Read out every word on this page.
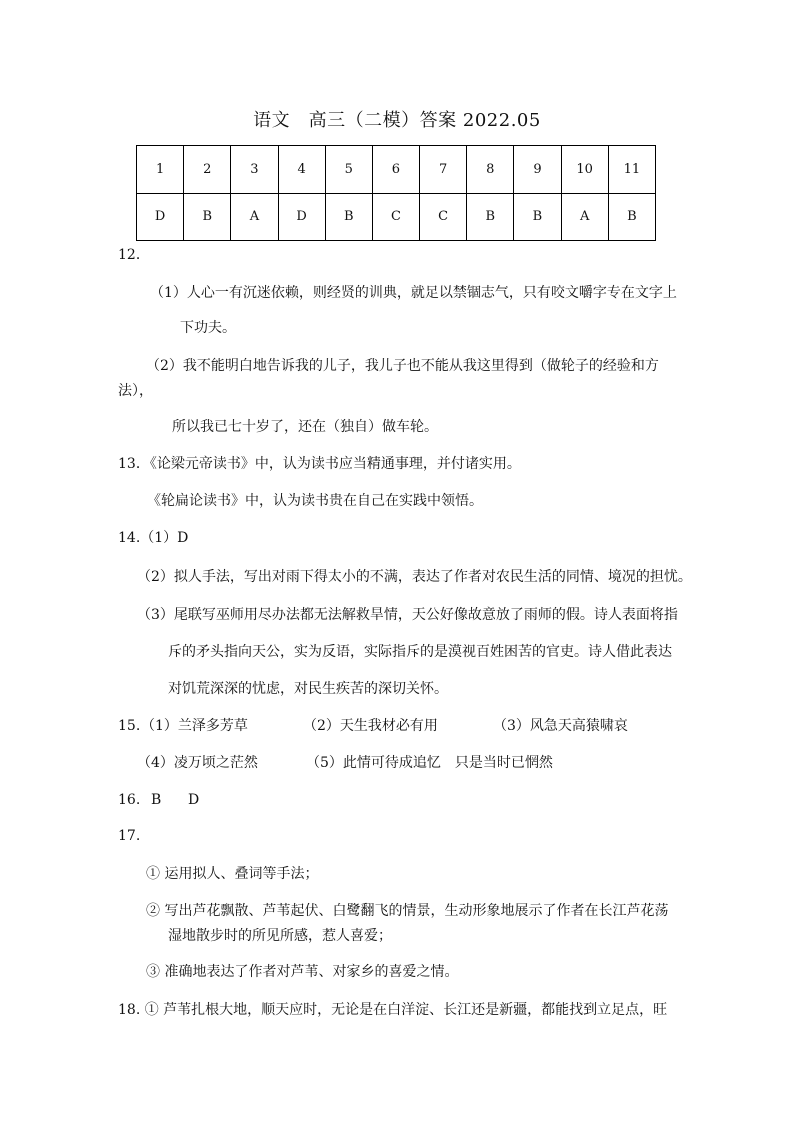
语文　高三（二模）答案 2022.05
1	2	3	4	5	6	7	8	9	10	11
D	B	A	D	B	C	C	B	B	A	B
12．
（1）人心一有沉迷依赖，则经贤的训典，就足以禁锢志气，只有咬文嚼字专在文字上
下功夫。
（2）我不能明白地告诉我的儿子，我儿子也不能从我这里得到（做轮子的经验和方
法），
所以我已七十岁了，还在（独自）做车轮。
13．《论梁元帝读书》中，认为读书应当精通事理，并付诸实用。
《轮扁论读书》中，认为读书贵在自己在实践中领悟。
14.（1）D
（2）拟人手法，写出对雨下得太小的不满，表达了作者对农民生活的同情、境况的担忧。
（3）尾联写巫师用尽办法都无法解救旱情，天公好像故意放了雨师的假。诗人表面将指
斥的矛头指向天公，实为反语，实际指斥的是漠视百姓困苦的官吏。诗人借此表达
对饥荒深深的忧虑，对民生疾苦的深切关怀。
15. （1）兰泽多芳草	（2）天生我材必有用	（3）风急天高猿啸哀
（4）凌万顷之茫然	（5）此情可待成追忆　只是当时已惘然
16. B D
17.
① 运用拟人、叠词等手法；
② 写出芦花飘散、芦苇起伏、白鹭翻飞的情景，生动形象地展示了作者在长江芦花荡
湿地散步时的所见所感，惹人喜爱；
③ 准确地表达了作者对芦苇、对家乡的喜爱之情。
18. ① 芦苇扎根大地，顺天应时，无论是在白洋淀、长江还是新疆，都能找到立足点，旺
